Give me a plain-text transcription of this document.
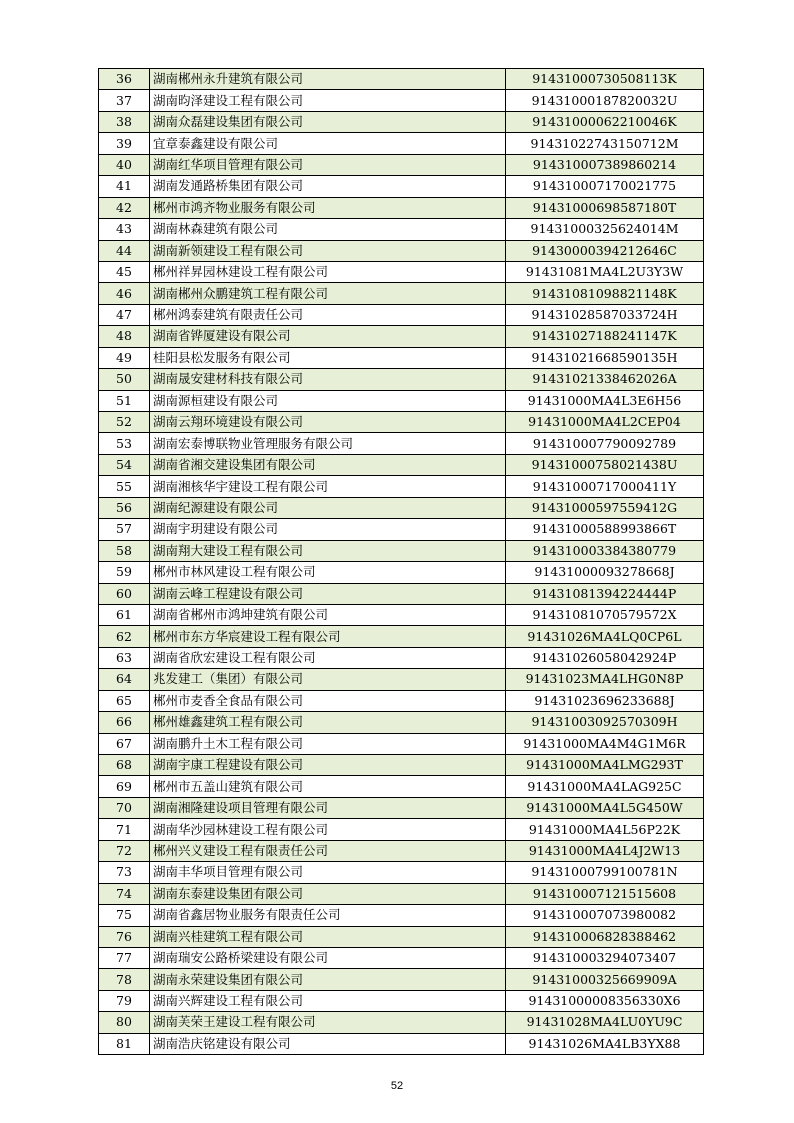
36	湖南郴州永升建筑有限公司	91431000730508113K
37	湖南昀泽建设工程有限公司	91431000187820032U
38	湖南众磊建设集团有限公司	91431000062210046K
39	宜章泰鑫建设有限公司	91431022743150712M
40	湖南红华项目管理有限公司	914310007389860214
41	湖南发通路桥集团有限公司	914310007170021775
42	郴州市鸿齐物业服务有限公司	91431000698587180T
43	湖南林森建筑有限公司	91431000325624014M
44	湖南新领建设工程有限公司	91430000394212646C
45	郴州祥昇园林建设工程有限公司	91431081MA4L2U3Y3W
46	湖南郴州众鹏建筑工程有限公司	91431081098821148K
47	郴州鸿泰建筑有限责任公司	91431028587033724H
48	湖南省铧厦建设有限公司	91431027188241147K
49	桂阳县松发服务有限公司	91431021668590135H
50	湖南晟安建材科技有限公司	91431021338462026A
51	湖南源桓建设有限公司	91431000MA4L3E6H56
52	湖南云翔环境建设有限公司	91431000MA4L2CEP04
53	湖南宏泰博联物业管理服务有限公司	914310007790092789
54	湖南省湘交建设集团有限公司	91431000758021438U
55	湖南湘核华宇建设工程有限公司	91431000717000411Y
56	湖南纪源建设有限公司	91431000597559412G
57	湖南宇玥建设有限公司	91431000588993866T
58	湖南翔大建设工程有限公司	914310003384380779
59	郴州市林风建设工程有限公司	91431000093278668J
60	湖南云峰工程建设有限公司	91431081394224444P
61	湖南省郴州市鸿坤建筑有限公司	91431081070579572X
62	郴州市东方华宸建设工程有限公司	91431026MA4LQ0CP6L
63	湖南省欣宏建设工程有限公司	91431026058042924P
64	兆发建工（集团）有限公司	91431023MA4LHG0N8P
65	郴州市麦香全食品有限公司	91431023696233688J
66	郴州雄鑫建筑工程有限公司	91431003092570309H
67	湖南鹏升土木工程有限公司	91431000MA4M4G1M6R
68	湖南宇康工程建设有限公司	91431000MA4LMG293T
69	郴州市五盖山建筑有限公司	91431000MA4LAG925C
70	湖南湘隆建设项目管理有限公司	91431000MA4L5G450W
71	湖南华沙园林建设工程有限公司	91431000MA4L56P22K
72	郴州兴义建设工程有限责任公司	91431000MA4L4J2W13
73	湖南丰华项目管理有限公司	91431000799100781N
74	湖南东泰建设集团有限公司	914310007121515608
75	湖南省鑫居物业服务有限责任公司	914310007073980082
76	湖南兴桂建筑工程有限公司	914310006828388462
77	湖南瑞安公路桥梁建设有限公司	914310003294073407
78	湖南永荣建设集团有限公司	91431000325669909A
79	湖南兴辉建设工程有限公司	91431000008356330X6
80	湖南芙荣王建设工程有限公司	91431028MA4LU0YU9C
81	湖南浩庆铭建设有限公司	91431026MA4LB3YX88
52
